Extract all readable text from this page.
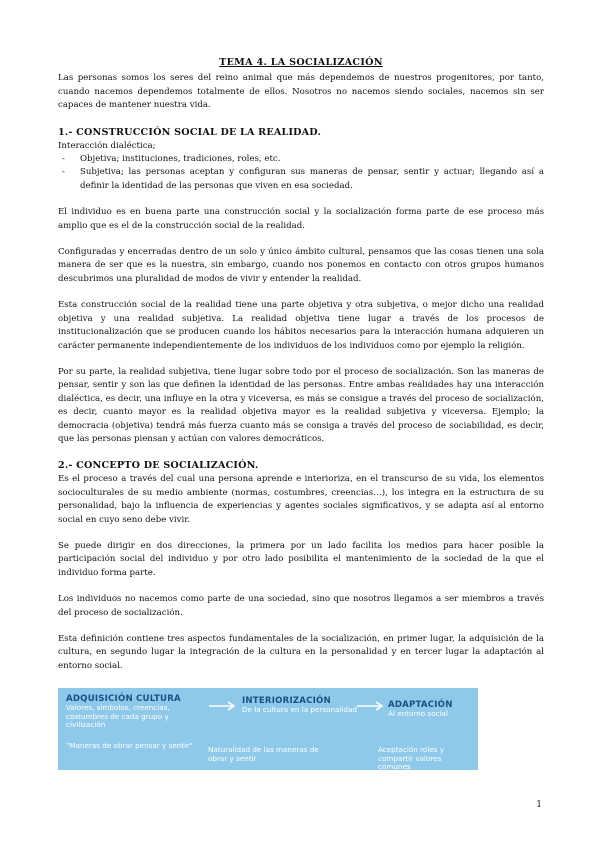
TEMA 4. LA SOCIALIZACIÓN

Las personas somos los seres del reino animal que más dependemos de nuestros progenitores, por tanto, cuando nacemos dependemos totalmente de ellos. Nosotros no nacemos siendo sociales, nacemos sin ser capaces de mantener nuestra vida.

1.- CONSTRUCCIÓN SOCIAL DE LA REALIDAD.

Interacción dialéctica;

- Objetiva; instituciones, tradiciones, roles, etc.
- Subjetiva; las personas aceptan y configuran sus maneras de pensar, sentir y actuar; llegando así a definir la identidad de las personas que viven en esa sociedad.

El individuo es en buena parte una construcción social y la socialización forma parte de ese proceso más amplio que es el de la construcción social de la realidad.

Configuradas y encerradas dentro de un solo y único ámbito cultural, pensamos que las cosas tienen una sola manera de ser que es la nuestra, sin embargo, cuando nos ponemos en contacto con otros grupos humanos descubrimos una pluralidad de modos de vivir y entender la realidad.

Esta construcción social de la realidad tiene una parte objetiva y otra subjetiva, o mejor dicho una realidad objetiva y una realidad subjetiva. La realidad objetiva tiene lugar a través de los procesos de institucionalización que se producen cuando los hábitos necesarios para la interacción humana adquieren un carácter permanente independientemente de los individuos de los individuos como por ejemplo la religión.

Por su parte, la realidad subjetiva, tiene lugar sobre todo por el proceso de socialización. Son las maneras de pensar, sentir y son las que definen la identidad de las personas. Entre ambas realidades hay una interacción dialéctica, es decir, una influye en la otra y viceversa, es más se consigue a través del proceso de socialización, es decir, cuanto mayor es la realidad objetiva mayor es la realidad subjetiva y viceversa. Ejemplo; la democracia (objetiva) tendrá más fuerza cuanto más se consiga a través del proceso de sociabilidad, es decir, que las personas piensan y actúan con valores democráticos.

2.- CONCEPTO DE SOCIALIZACIÓN.

Es el proceso a través del cual una persona aprende e interioriza, en el transcurso de su vida, los elementos socioculturales de su medio ambiente (normas, costumbres, creencias…), los integra en la estructura de su personalidad, bajo la influencia de experiencias y agentes sociales significativos, y se adapta así al entorno social en cuyo seno debe vivir.

Se puede dirigir en dos direcciones, la primera por un lado facilita los medios para hacer posible la participación social del individuo y por otro lado posibilita el mantenimiento de la sociedad de la que el individuo forma parte.

Los individuos no nacemos como parte de una sociedad, sino que nosotros llegamos a ser miembros a través del proceso de socialización.

Esta definición contiene tres aspectos fundamentales de la socialización, en primer lugar, la adquisición de la cultura, en segundo lugar la integración de la cultura en la personalidad y en tercer lugar la adaptación al entorno social.

ADQUISICIÓN CULTURA
Valores, símbolos, creencias, costumbres de cada grupo y civilización
INTERIORIZACIÓN
De la cultura en la personalidad	ADAPTACIÓN
Al entorno social
"Maneras de obrar pensar y sentir"	Naturalidad de las maneras de obrar y sentir
Aceptación roles y compartir valores comunes
1
